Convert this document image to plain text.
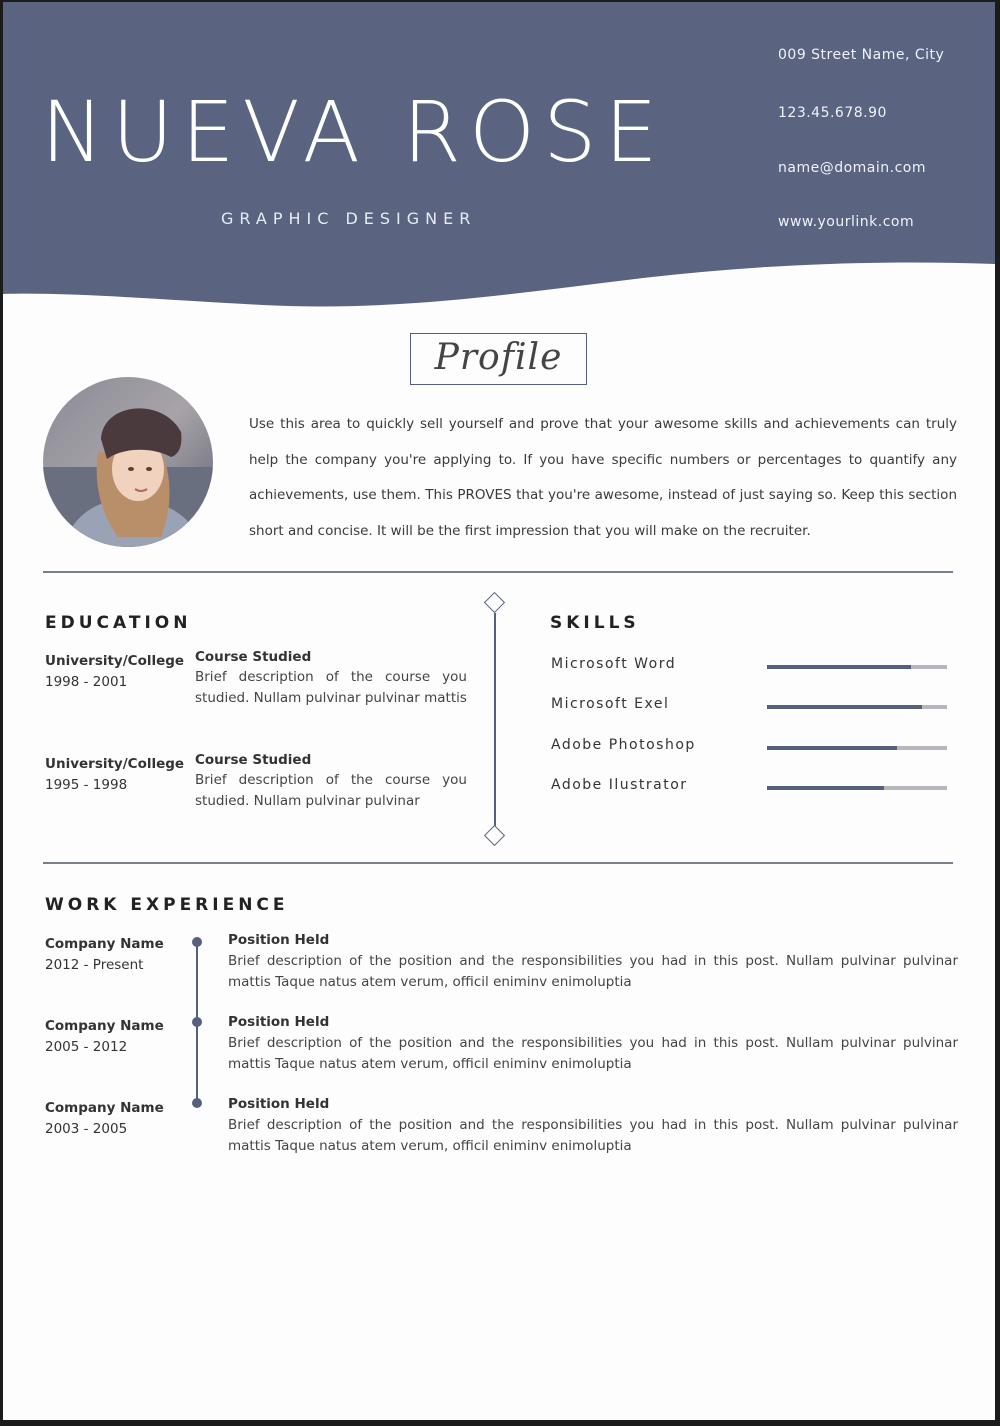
NUEVA ROSE
GRAPHIC DESIGNER
009 Street Name, City
123.45.678.90
name@domain.com
www.yourlink.com
Profile
Use this area to quickly sell yourself and prove that your awesome skills and achievements can truly help the company you're applying to. If you have specific numbers or percentages to quantify any achievements, use them. This PROVES that you're awesome, instead of just saying so. Keep this section short and concise. It will be the first impression that you will make on the recruiter.
EDUCATION
University/College
1998 - 2001
Course Studied
Brief description of the course you studied. Nullam pulvinar pulvinar mattis
University/College
1995 - 1998
Course Studied
Brief description of the course you studied. Nullam pulvinar pulvinar
SKILLS
Microsoft Word
Microsoft Exel
Adobe Photoshop
Adobe Ilustrator
WORK EXPERIENCE
Company Name
2012 - Present
Position Held
Brief description of the position and the responsibilities you had in this post. Nullam pulvinar pulvinar mattis Taque natus atem verum, officil eniminv enimoluptia
Company Name
2005 - 2012
Position Held
Brief description of the position and the responsibilities you had in this post. Nullam pulvinar pulvinar mattis Taque natus atem verum, officil eniminv enimoluptia
Company Name
2003 - 2005
Position Held
Brief description of the position and the responsibilities you had in this post. Nullam pulvinar pulvinar mattis Taque natus atem verum, officil eniminv enimoluptia
